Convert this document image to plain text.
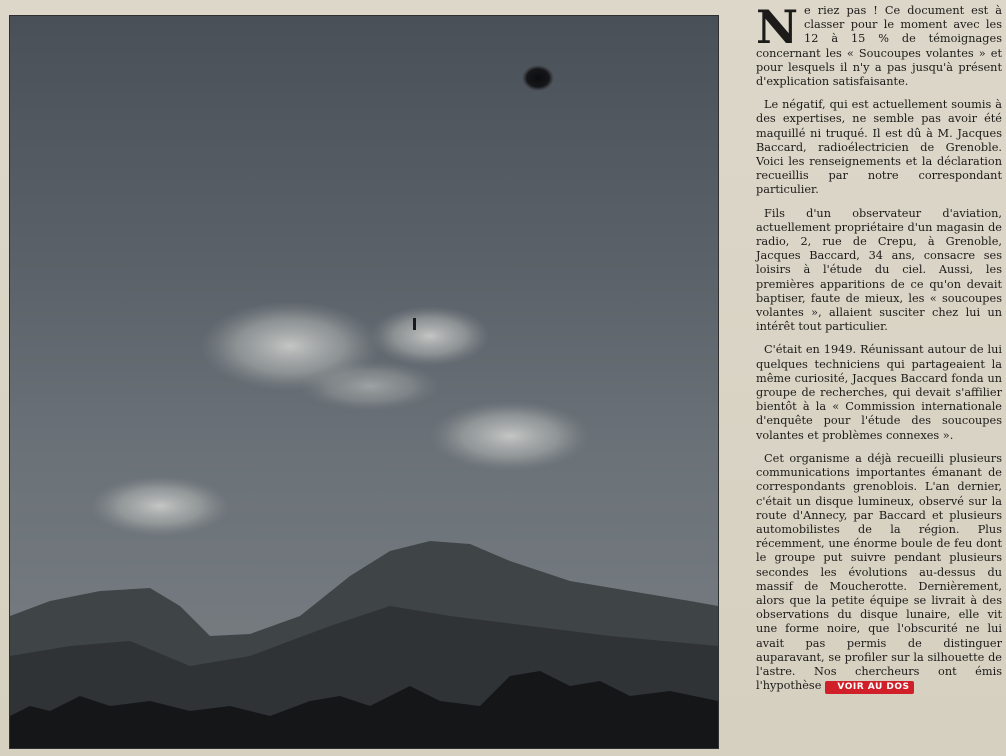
Ne riez pas ! Ce document est à classer pour le moment avec les 12 à 15 % de témoignages concernant les « Soucoupes volantes » et pour lesquels il n'y a pas jusqu'à présent d'explication satisfaisante.

Le négatif, qui est actuellement soumis à des expertises, ne semble pas avoir été maquillé ni truqué. Il est dû à M. Jacques Baccard, radioélectricien de Grenoble. Voici les renseignements et la déclaration recueillis par notre correspondant particulier.

Fils d'un observateur d'aviation, actuellement propriétaire d'un magasin de radio, 2, rue de Crepu, à Grenoble, Jacques Baccard, 34 ans, consacre ses loisirs à l'étude du ciel. Aussi, les premières apparitions de ce qu'on devait baptiser, faute de mieux, les « soucoupes volantes », allaient susciter chez lui un intérêt tout particulier.

C'était en 1949. Réunissant autour de lui quelques techniciens qui partageaient la même curiosité, Jacques Baccard fonda un groupe de recherches, qui devait s'affilier bientôt à la « Commission internationale d'enquête pour l'étude des soucoupes volantes et problèmes connexes ».

Cet organisme a déjà recueilli plusieurs communications importantes émanant de correspondants grenoblois. L'an dernier, c'était un disque lumineux, observé sur la route d'Annecy, par Baccard et plusieurs automobilistes de la région. Plus récemment, une énorme boule de feu dont le groupe put suivre pendant plusieurs secondes les évolutions au-dessus du massif de Moucherotte. Dernièrement, alors que la petite équipe se livrait à des observations du disque lunaire, elle vit une forme noire, que l'obscurité ne lui avait pas permis de distinguer auparavant, se profiler sur la silhouette de l'astre. Nos chercheurs ont émis l'hypothèse VOIR AU DOS
